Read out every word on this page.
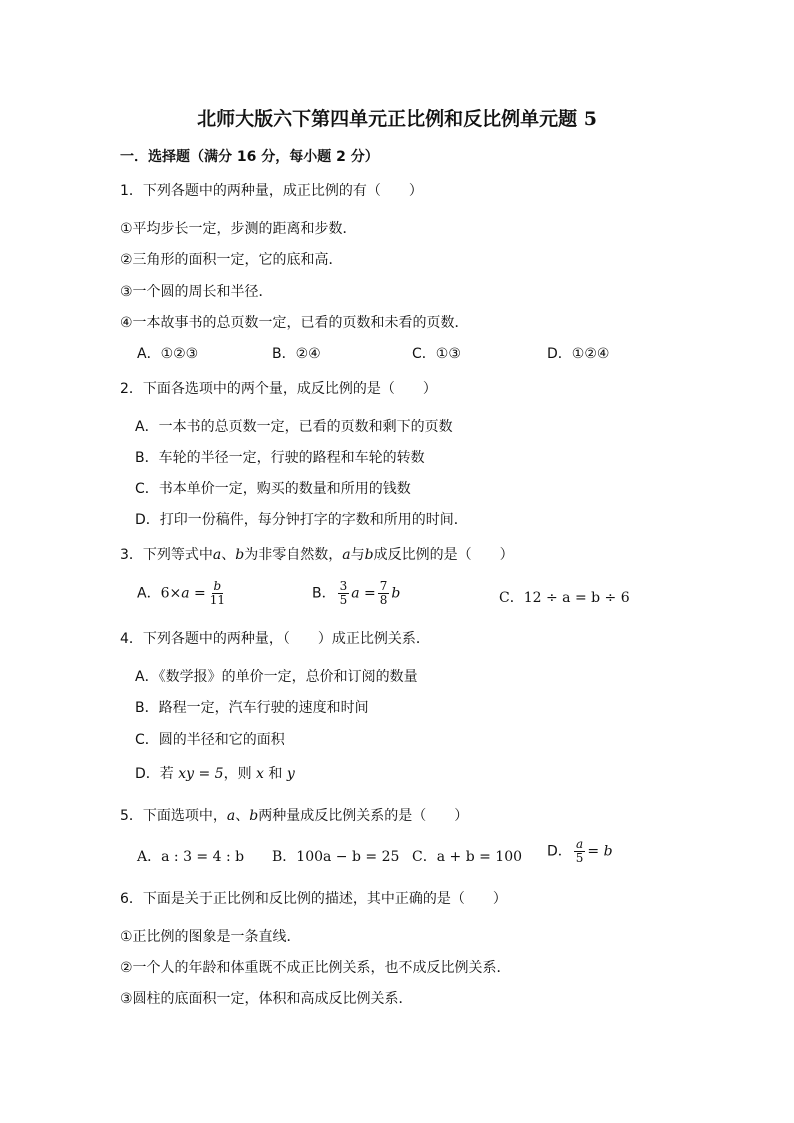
北师大版六下第四单元正比例和反比例单元题 5
一．选择题（满分 16 分，每小题 2 分）
1．下列各题中的两种量，成正比例的有（　　）
①平均步长一定，步测的距离和步数．
②三角形的面积一定，它的底和高．
③一个圆的周长和半径．
④一本故事书的总页数一定，已看的页数和未看的页数．
A．①②③	B．②④	C．①③	D．①②④
2．下面各选项中的两个量，成反比例的是（　　）
A．一本书的总页数一定，已看的页数和剩下的页数
B．车轮的半径一定，行驶的路程和车轮的转数
C．书本单价一定，购买的数量和所用的钱数
D．打印一份稿件，每分钟打字的字数和所用的时间．
3．下列等式中a、b为非零自然数，a与b成反比例的是（　　）
A．$6\times a = \frac{b}{11}$	B． $\frac{3}{5}$ $a = \frac{7}{8}$ b	C．12 ÷ a = b ÷ 6
4．下列各题中的两种量，（　　）成正比例关系．
A．《数学报》的单价一定，总价和订阅的数量
B．路程一定，汽车行驶的速度和时间
C．圆的半径和它的面积
D．若 xy = 5，则 x 和 y
5．下面选项中，a、b两种量成反比例关系的是（　　）
A．a : 3 = 4 : b B．100a − b = 25 C．a + b = 100 D． $\frac{a}{5} = b$
6．下面是关于正比例和反比例的描述，其中正确的是（　　）
①正比例的图象是一条直线．
②一个人的年龄和体重既不成正比例关系，也不成反比例关系．
③圆柱的底面积一定，体积和高成反比例关系．
